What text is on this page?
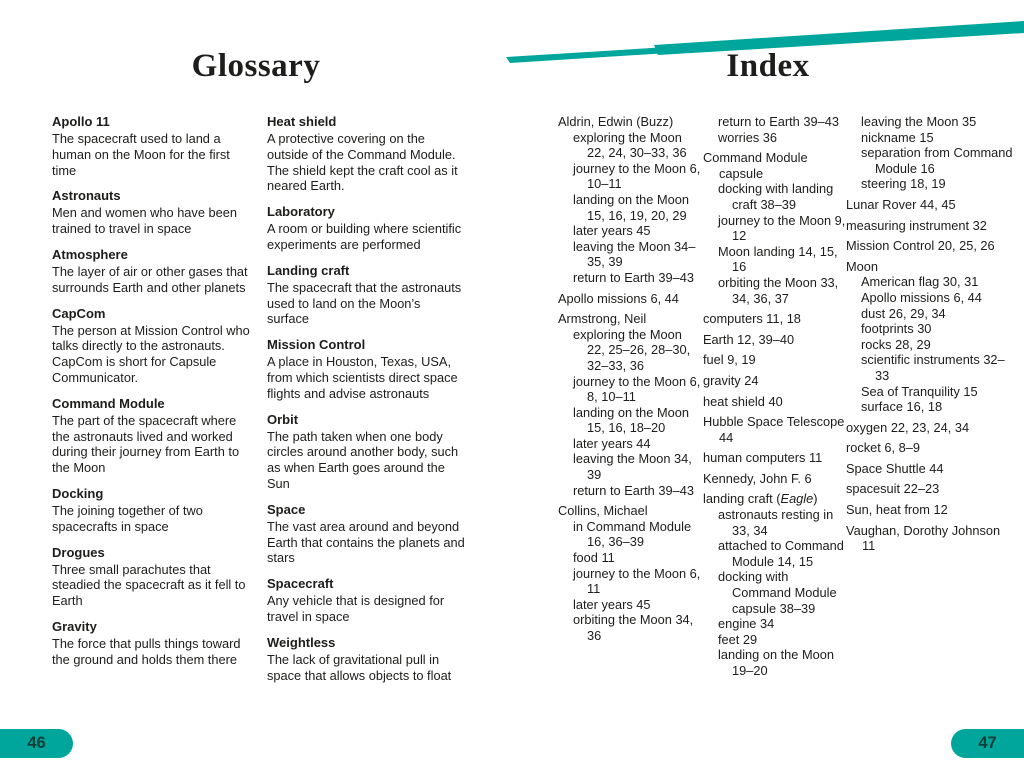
Glossary
Apollo 11
The spacecraft used to land a human on the Moon for the first time
Astronauts
Men and women who have been trained to travel in space
Atmosphere
The layer of air or other gases that surrounds Earth and other planets
CapCom
The person at Mission Control who talks directly to the astronauts. CapCom is short for Capsule Communicator.
Command Module
The part of the spacecraft where the astronauts lived and worked during their journey from Earth to the Moon
Docking
The joining together of two spacecrafts in space
Drogues
Three small parachutes that steadied the spacecraft as it fell to Earth
Gravity
The force that pulls things toward the ground and holds them there
Heat shield
A protective covering on the outside of the Command Module. The shield kept the craft cool as it neared Earth.
Laboratory
A room or building where scientific experiments are performed
Landing craft
The spacecraft that the astronauts used to land on the Moon’s surface
Mission Control
A place in Houston, Texas, USA, from which scientists direct space flights and advise astronauts
Orbit
The path taken when one body circles around another body, such as when Earth goes around the Sun
Space
The vast area around and beyond Earth that contains the planets and stars
Spacecraft
Any vehicle that is designed for travel in space
Weightless
The lack of gravitational pull in space that allows objects to float
46
Index
Aldrin, Edwin (Buzz)
exploring the Moon 22, 24, 30–33, 36
journey to the Moon 6, 10–11
landing on the Moon 15, 16, 19, 20, 29
later years 45
leaving the Moon 34–35, 39
return to Earth 39–43
Apollo missions 6, 44
Armstrong, Neil
exploring the Moon 22, 25–26, 28–30, 32–33, 36
journey to the Moon 6, 8, 10–11
landing on the Moon 15, 16, 18–20
later years 44
leaving the Moon 34, 39
return to Earth 39–43
Collins, Michael
in Command Module 16, 36–39
food 11
journey to the Moon 6, 11
later years 45
orbiting the Moon 34, 36
return to Earth 39–43
worries 36
Command Module capsule
docking with landing craft 38–39
journey to the Moon 9, 12
Moon landing 14, 15, 16
orbiting the Moon 33, 34, 36, 37
computers 11, 18
Earth 12, 39–40
fuel 9, 19
gravity 24
heat shield 40
Hubble Space Telescope 44
human computers 11
Kennedy, John F. 6
landing craft (Eagle)
astronauts resting in 33, 34
attached to Command Module 14, 15
docking with Command Module capsule 38–39
engine 34
feet 29
landing on the Moon 19–20
leaving the Moon 35
nickname 15
separation from Command Module 16
steering 18, 19
Lunar Rover 44, 45
measuring instrument 32
Mission Control 20, 25, 26
Moon
American flag 30, 31
Apollo missions 6, 44
dust 26, 29, 34
footprints 30
rocks 28, 29
scientific instruments 32–33
Sea of Tranquility 15
surface 16, 18
oxygen 22, 23, 24, 34
rocket 6, 8–9
Space Shuttle 44
spacesuit 22–23
Sun, heat from 12
Vaughan, Dorothy Johnson 11
47
